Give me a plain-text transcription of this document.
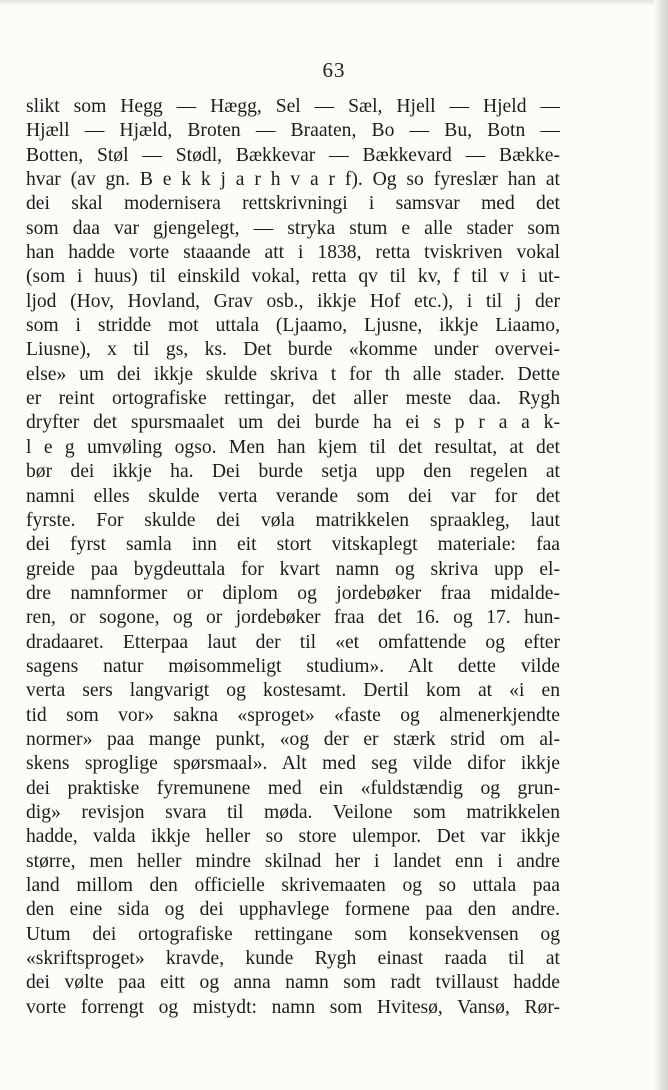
63
slikt som Hegg — Hægg, Sel — Sæl, Hjell — Hjeld —
Hjæll — Hjæld, Broten — Braaten, Bo — Bu, Botn —
Botten, Støl — Stødl, Bækkevar — Bækkevard — Bække-
hvar (av gn. B e k k j a r h v a r f). Og so fyreslær han at
dei skal modernisera rettskrivningi i samsvar med det
som daa var gjengelegt, — stryka stum e alle stader som
han hadde vorte staaande att i 1838, retta tviskriven vokal
(som i huus) til einskild vokal, retta qv til kv, f til v i ut-
ljod (Hov, Hovland, Grav osb., ikkje Hof etc.), i til j der
som i stridde mot uttala (Ljaamo, Ljusne, ikkje Liaamo,
Liusne), x til gs, ks. Det burde «komme under overvei-
else» um dei ikkje skulde skriva t for th alle stader. Dette
er reint ortografiske rettingar, det aller meste daa. Rygh
dryfter det spursmaalet um dei burde ha ei s p r a a k-
l e g umvøling ogso. Men han kjem til det resultat, at det
bør dei ikkje ha. Dei burde setja upp den regelen at
namni elles skulde verta verande som dei var for det
fyrste. For skulde dei vøla matrikkelen spraakleg, laut
dei fyrst samla inn eit stort vitskaplegt materiale: faa
greide paa bygdeuttala for kvart namn og skriva upp el-
dre namnformer or diplom og jordebøker fraa midalde-
ren, or sogone, og or jordebøker fraa det 16. og 17. hun-
dradaaret. Etterpaa laut der til «et omfattende og efter
sagens natur møisommeligt studium». Alt dette vilde
verta sers langvarigt og kostesamt. Dertil kom at «i en
tid som vor» sakna «sproget» «faste og almenerkjendte
normer» paa mange punkt, «og der er stærk strid om al-
skens sproglige spørsmaal». Alt med seg vilde difor ikkje
dei praktiske fyremunene med ein «fuldstændig og grun-
dig» revisjon svara til møda. Veilone som matrikkelen
hadde, valda ikkje heller so store ulempor. Det var ikkje
større, men heller mindre skilnad her i landet enn i andre
land millom den officielle skrivemaaten og so uttala paa
den eine sida og dei upphavlege formene paa den andre.
Utum dei ortografiske rettingane som konsekvensen og
«skriftsproget» kravde, kunde Rygh einast raada til at
dei vølte paa eitt og anna namn som radt tvillaust hadde
vorte forrengt og mistydt: namn som Hvitesø, Vansø, Rør-
